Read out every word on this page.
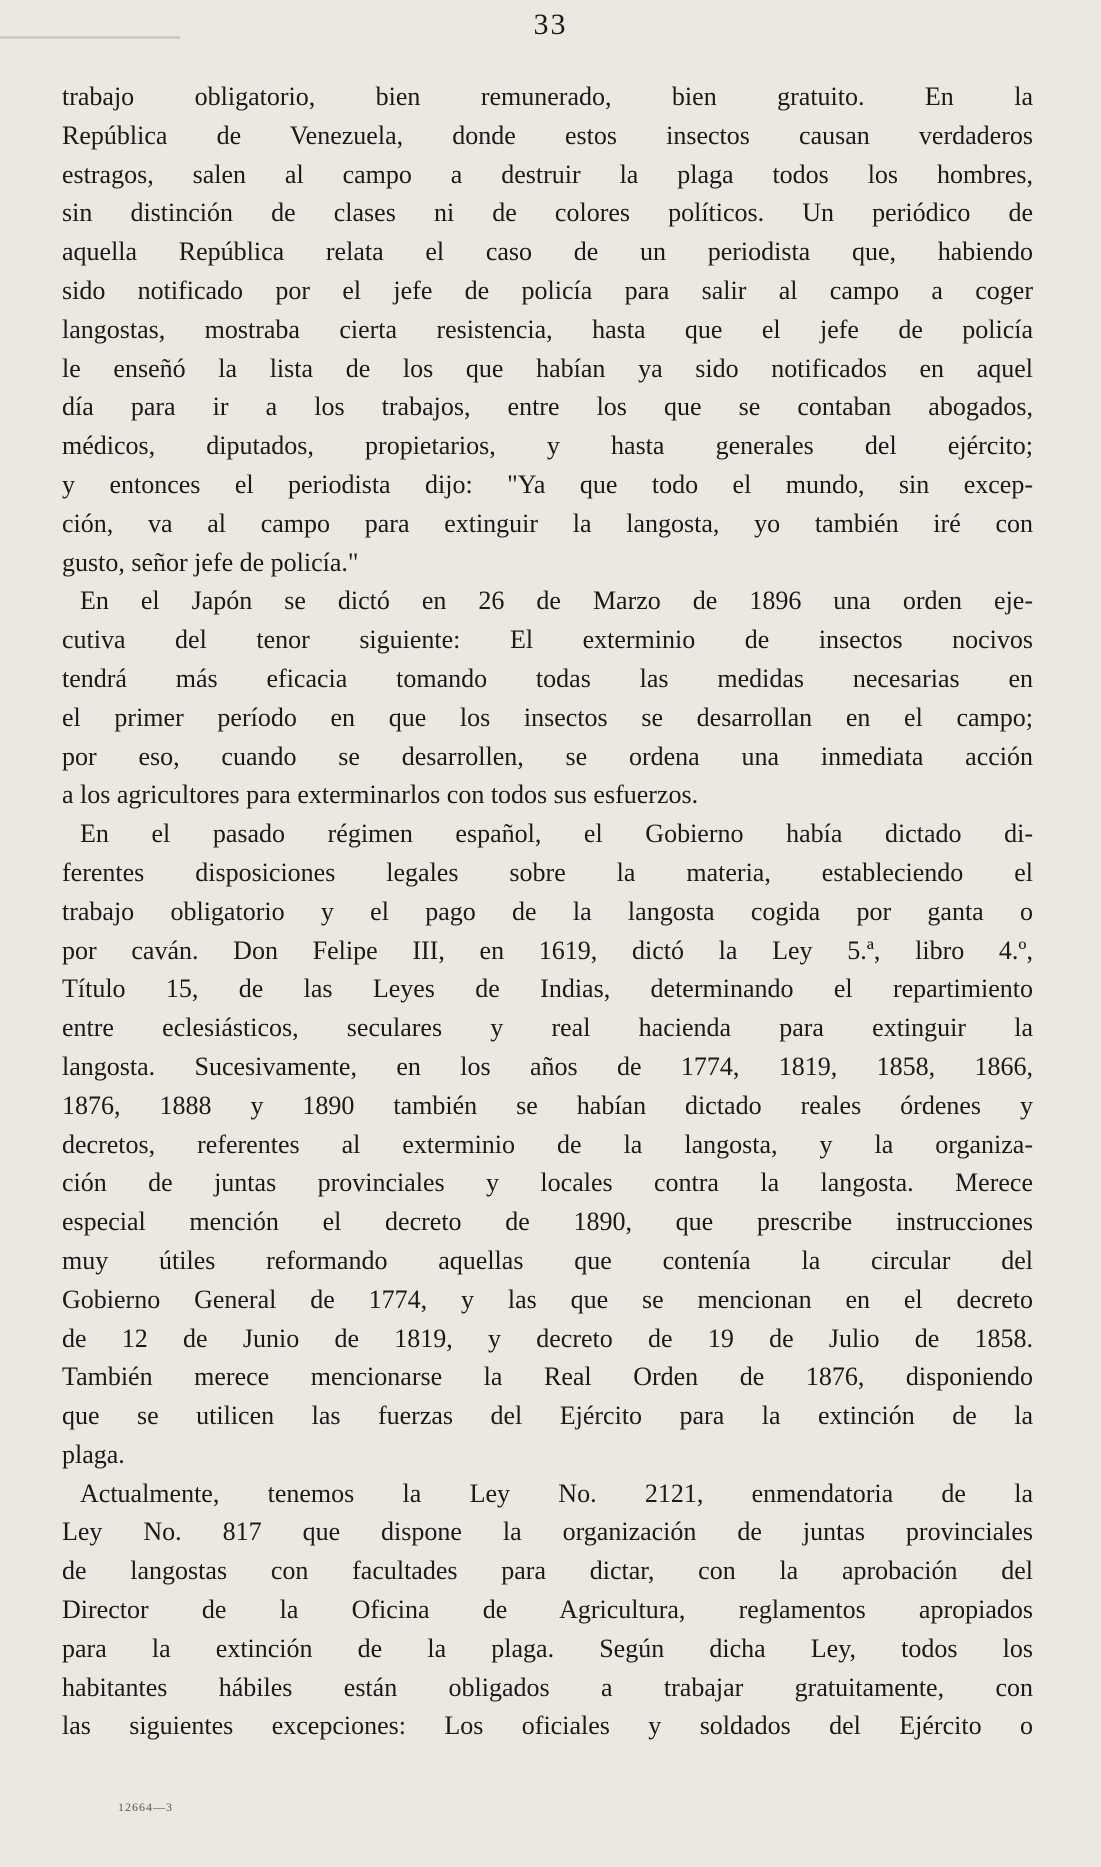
33
trabajo obligatorio, bien remunerado, bien gratuito. En la
República de Venezuela, donde estos insectos causan verdaderos
estragos, salen al campo a destruir la plaga todos los hombres,
sin distinción de clases ni de colores políticos. Un periódico de
aquella República relata el caso de un periodista que, habiendo
sido notificado por el jefe de policía para salir al campo a coger
langostas, mostraba cierta resistencia, hasta que el jefe de policía
le enseñó la lista de los que habían ya sido notificados en aquel
día para ir a los trabajos, entre los que se contaban abogados,
médicos, diputados, propietarios, y hasta generales del ejército;
y entonces el periodista dijo: "Ya que todo el mundo, sin excep-
ción, va al campo para extinguir la langosta, yo también iré con
gusto, señor jefe de policía."
En el Japón se dictó en 26 de Marzo de 1896 una orden eje-
cutiva del tenor siguiente: El exterminio de insectos nocivos
tendrá más eficacia tomando todas las medidas necesarias en
el primer período en que los insectos se desarrollan en el campo;
por eso, cuando se desarrollen, se ordena una inmediata acción
a los agricultores para exterminarlos con todos sus esfuerzos.
En el pasado régimen español, el Gobierno había dictado di-
ferentes disposiciones legales sobre la materia, estableciendo el
trabajo obligatorio y el pago de la langosta cogida por ganta o
por caván. Don Felipe III, en 1619, dictó la Ley 5.ª, libro 4.º,
Título 15, de las Leyes de Indias, determinando el repartimiento
entre eclesiásticos, seculares y real hacienda para extinguir la
langosta. Sucesivamente, en los años de 1774, 1819, 1858, 1866,
1876, 1888 y 1890 también se habían dictado reales órdenes y
decretos, referentes al exterminio de la langosta, y la organiza-
ción de juntas provinciales y locales contra la langosta. Merece
especial mención el decreto de 1890, que prescribe instrucciones
muy útiles reformando aquellas que contenía la circular del
Gobierno General de 1774, y las que se mencionan en el decreto
de 12 de Junio de 1819, y decreto de 19 de Julio de 1858.
También merece mencionarse la Real Orden de 1876, disponiendo
que se utilicen las fuerzas del Ejército para la extinción de la
plaga.
Actualmente, tenemos la Ley No. 2121, enmendatoria de la
Ley No. 817 que dispone la organización de juntas provinciales
de langostas con facultades para dictar, con la aprobación del
Director de la Oficina de Agricultura, reglamentos apropiados
para la extinción de la plaga. Según dicha Ley, todos los
habitantes hábiles están obligados a trabajar gratuitamente, con
las siguientes excepciones: Los oficiales y soldados del Ejército o
12664—3
